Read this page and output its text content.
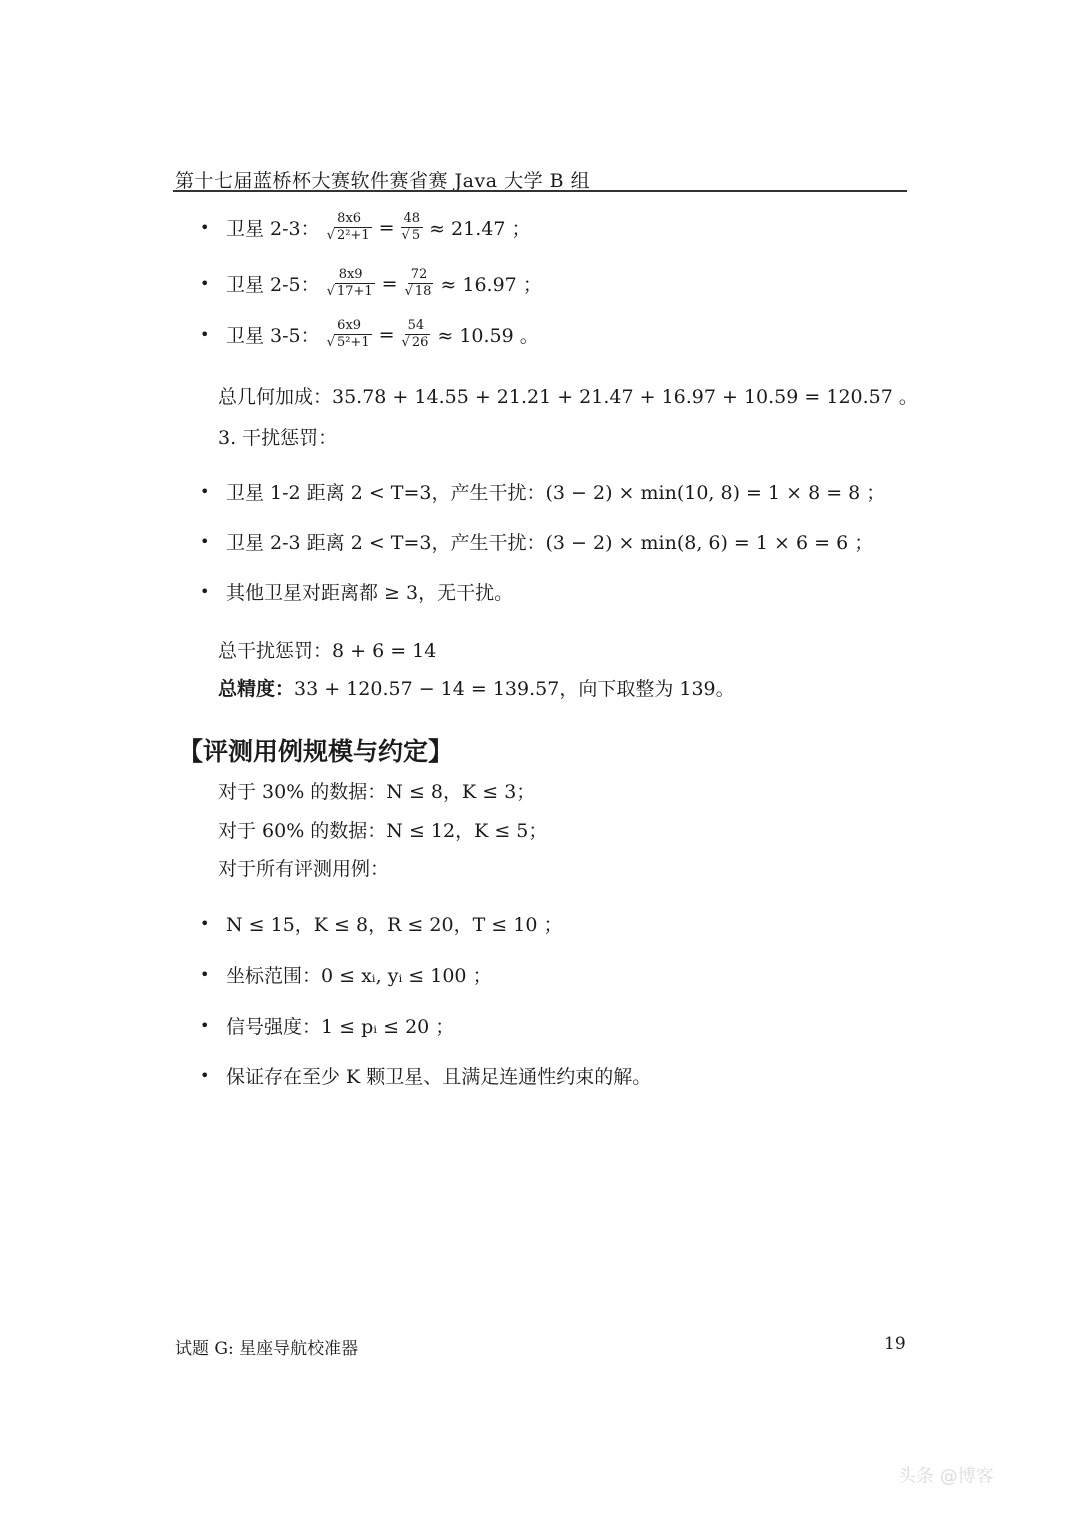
第十七届蓝桥杯大赛软件赛省赛 Java 大学 B 组
• 卫星 2-3： $\frac{8x6}{\text{√ 2²+1}} = \frac{48}{√ 5} \approx 21.47$ ；
• 卫星 2-5： $\frac{8x9}{√ 17+1} = \frac{72}{√ 18} \approx 16.97$ ；
• 卫星 3-5： $\frac{6x9}{\text{√ 5²+1}} = \frac{54}{√ 26} \approx 10.59$ 。
总几何加成：35.78 + 14.55 + 21.21 + 21.47 + 16.97 + 10.59 = 120.57 。
3. 干扰惩罚：
• 卫星 1-2 距离 2 < T=3，产生干扰：(3 − 2) × min(10, 8) = 1 × 8 = 8 ；
• 卫星 2-3 距离 2 < T=3，产生干扰：(3 − 2) × min(8, 6) = 1 × 6 = 6 ；
• 其他卫星对距离都 ≥ 3，无干扰。
总干扰惩罚：8 + 6 = 14
总精度：33 + 120.57 − 14 = 139.57，向下取整为 139。
【评测用例规模与约定】
对于 30% 的数据：N ≤ 8，K ≤ 3；
对于 60% 的数据：N ≤ 12，K ≤ 5；
对于所有评测用例：
• N ≤ 15，K ≤ 8，R ≤ 20，T ≤ 10 ；
• 坐标范围：0 ≤ xᵢ, yᵢ ≤ 100 ；
• 信号强度：1 ≤ pᵢ ≤ 20 ；
• 保证存在至少 K 颗卫星、且满足连通性约束的解。
试题 G: 星座导航校准器	19
头条 @博客
